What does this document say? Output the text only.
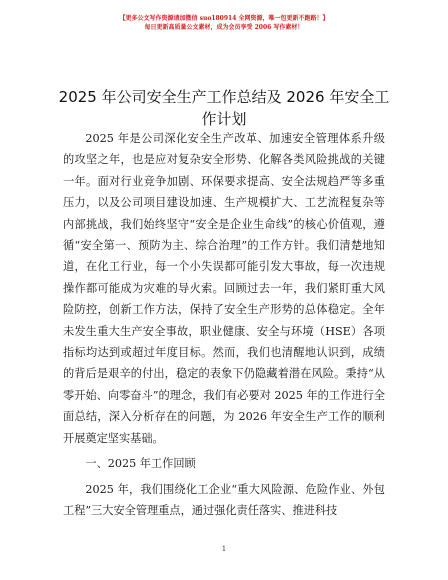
【更多公文写作资源请加微信 suo180914 全网资源，唯一包更新不跑路！】
每日更新高质量公文素材，成为会员享受 2006 写作素材！
2025 年公司安全生产工作总结及 2026 年安全工作计划

2025 年是公司深化安全生产改革、加速安全管理体系升级的攻坚之年，也是应对复杂安全形势、化解各类风险挑战的关键一年。面对行业竞争加剧、环保要求提高、安全法规趋严等多重压力，以及公司项目建设加速、生产规模扩大、工艺流程复杂等内部挑战，我们始终坚守“安全是企业生命线”的核心价值观，遵循“安全第一、预防为主、综合治理”的工作方针。我们清楚地知道，在化工行业，每一个小失误都可能引发大事故，每一次违规操作都可能成为灾难的导火索。回顾过去一年，我们紧盯重大风险防控，创新工作方法，保持了安全生产形势的总体稳定。全年未发生重大生产安全事故，职业健康、安全与环境（HSE）各项指标均达到或超过年度目标。然而，我们也清醒地认识到，成绩的背后是艰辛的付出，稳定的表象下仍隐藏着潜在风险。秉持“从零开始、向零奋斗”的理念，我们有必要对 2025 年的工作进行全面总结，深入分析存在的问题，为 2026 年安全生产工作的顺利开展奠定坚实基础。

一、2025 年工作回顾

2025 年，我们围绕化工企业“重大风险源、危险作业、外包工程”三大安全管理重点，通过强化责任落实、推进科技

1
